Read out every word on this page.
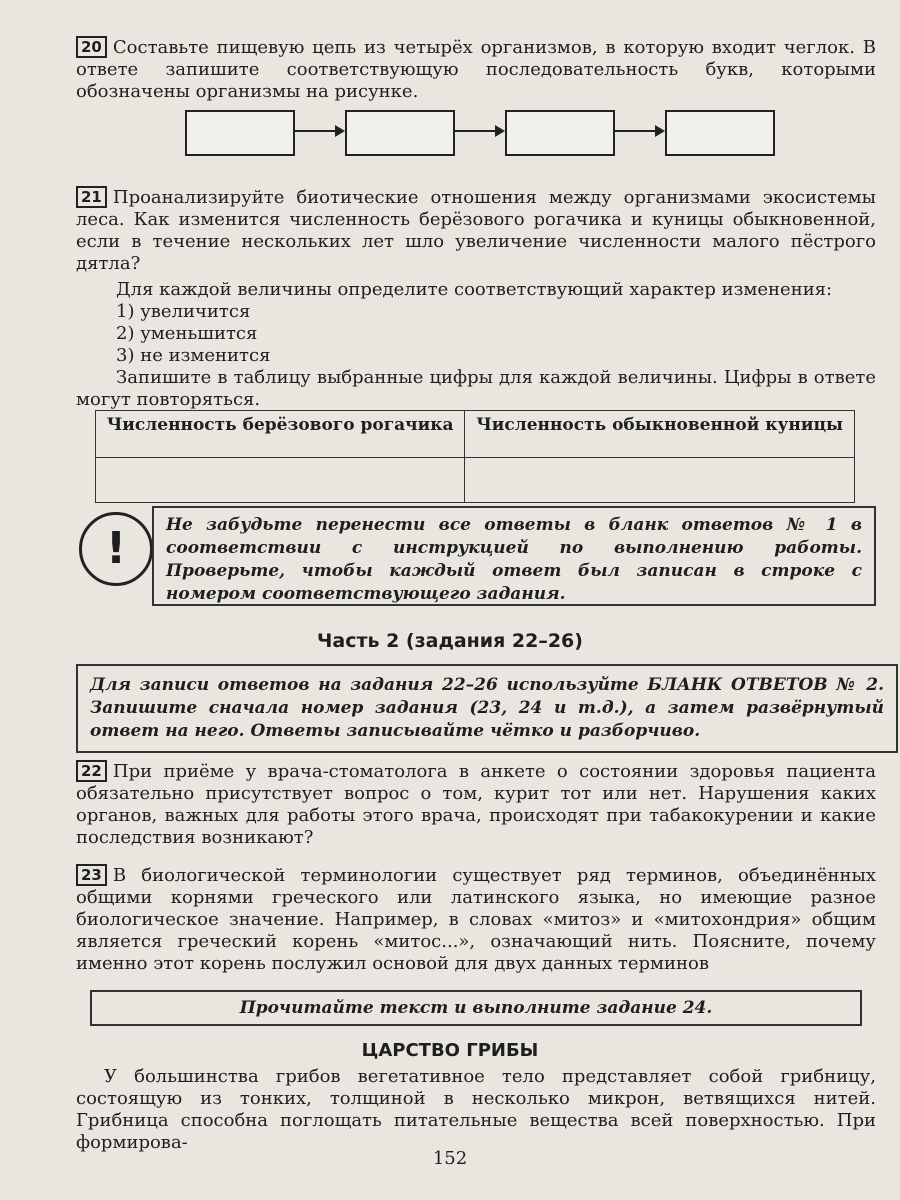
20 Составьте пищевую цепь из четырёх организмов, в которую входит чеглок. В ответе запишите соответствующую последовательность букв, которыми обозначены организмы на рисунке.

21 Проанализируйте биотические отношения между организмами экосистемы леса. Как изменится численность берёзового рогачика и куницы обыкновенной, если в течение нескольких лет шло увеличение численности малого пёстрого дятла?

Для каждой величины определите соответствующий характер изменения:

1) увеличится

2) уменьшится

3) не изменится

Запишите в таблицу выбранные цифры для каждой величины. Цифры в ответе могут повторяться.

Численность берёзового рогачика	Численность обыкновенной куницы

!	Не забудьте перенести все ответы в бланк ответов № 1 в соответствии с инструкцией по выполнению работы. Проверьте, чтобы каждый ответ был записан в строке с номером соответствующего задания.

Часть 2 (задания 22–26)

Для записи ответов на задания 22–26 используйте БЛАНК ОТВЕТОВ № 2. Запишите сначала номер задания (23, 24 и т.д.), а затем развёрнутый ответ на него. Ответы записывайте чётко и разборчиво.

22 При приёме у врача-стоматолога в анкете о состоянии здоровья пациента обязательно присутствует вопрос о том, курит тот или нет. Нарушения каких органов, важных для работы этого врача, происходят при табакокурении и какие последствия возникают?

23 В биологической терминологии существует ряд терминов, объединённых общими корнями греческого или латинского языка, но имеющие разное биологическое значение. Например, в словах «митоз» и «митохондрия» общим является греческий корень «митос...», означающий нить. Поясните, почему именно этот корень послужил основой для двух данных терминов

Прочитайте текст и выполните задание 24.

ЦАРСТВО ГРИБЫ

У большинства грибов вегетативное тело представляет собой грибницу, состоящую из тонких, толщиной в несколько микрон, ветвящихся нитей. Грибница способна поглощать питательные вещества всей поверхностью. При формирова-

152
